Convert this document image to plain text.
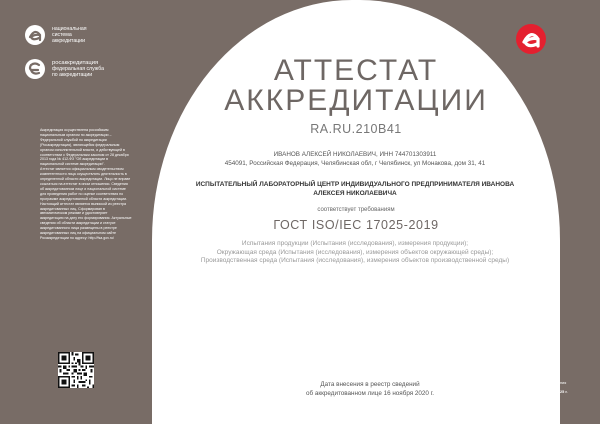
национальная
система
аккредитации
росаккредитация
федеральная служба
по аккредитации

Аккредитация осуществлена российским национальным органом по аккредитации – Федеральной службой по аккредитации (Росаккредитация), являющейся федеральным органом исполнительной власти, и действующей в соответствии с Федеральным законом от 28 декабря 2013 года № 412-ФЗ "Об аккредитации в национальной системе аккредитации".

Аттестат является официальным свидетельством компетентности лица осуществлять деятельность в определенной области аккредитации. Лицо не вправе ссылаться на аттестат в ином отношении. Сведения об аккредитованном лице и национальной системе для проведения работ по оценке соответствия по программе аккредитованной области аккредитации.

Настоящий аттестат является выпиской из реестра аккредитованных лиц. Сформирован в автоматическом режиме и удостоверяет аккредитацию на дату его формирования. Актуальные сведения об области аккредитации и статусе аккредитованного лица размещены в реестре аккредитованных лиц на официальном сайте Росаккредитации по адресу: http://fsa.gov.ru/

АТТЕСТАТ
АККРЕДИТАЦИИ
RA.RU.210B41
ИВАНОВ АЛЕКСЕЙ НИКОЛАЕВИЧ, ИНН 744701303911
454091, Российская Федерация, Челябинская обл, г Челябинск, ул Монакова, дом 31, 41
ИСПЫТАТЕЛЬНЫЙ ЛАБОРАТОРНЫЙ ЦЕНТР ИНДИВИДУАЛЬНОГО ПРЕДПРИНИМАТЕЛЯ ИВАНОВА АЛЕКСЕЯ НИКОЛАЕВИЧА
соответствует требованиям
ГОСТ ISO/IEC 17025-2019
Испытания продукции (Испытания (исследования), измерения продукции);
Окружающая среда (Испытания (исследования), измерения объектов окружающей среды);
Производственная среда (Испытания (исследования), измерения объектов производственной среды)
Дата внесения в реестр сведений
об аккредитованном лице 16 ноября 2020 г.
Дата
формирования
выписки
19 марта 2025 г.
